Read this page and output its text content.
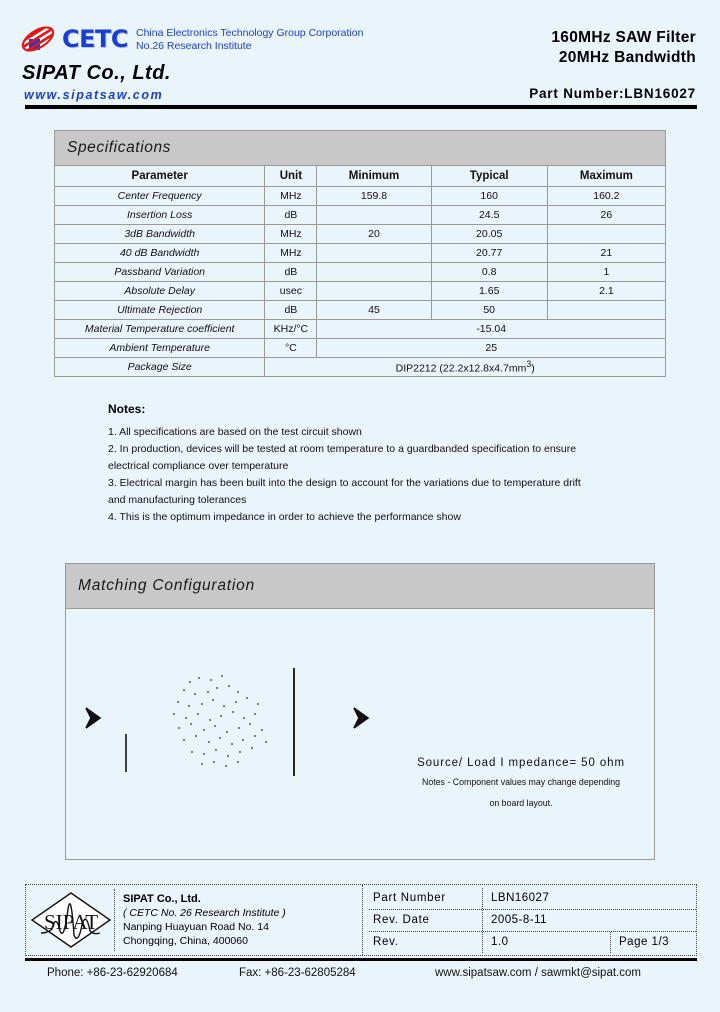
CETC China Electronics Technology Group Corporation
No.26 Research Institute
SIPAT Co., Ltd.
www.sipatsaw.com
160MHz SAW Filter
20MHz Bandwidth
Part Number:LBN16027
Specifications
Parameter	Unit	Minimum	Typical	Maximum
Center Frequency	MHz	159.8	160	160.2
Insertion Loss	dB		24.5	26
3dB Bandwidth	MHz	20	20.05	
40 dB Bandwidth	MHz		20.77	21
Passband Variation	dB		0.8	1
Absolute Delay	usec		1.65	2.1
Ultimate Rejection	dB	45	50	
Material Temperature coefficient	KHz/°C	-15.04		
Ambient Temperature	°C	25		
Package Size	DIP2212 $(22.2x12.8x4.7mm^3)$			
Notes:
1. All specifications are based on the test circuit shown
2. In production, devices will be tested at room temperature to a guardbanded specification to ensure
electrical compliance over temperature
3. Electrical margin has been built into the design to account for the variations due to temperature drift
and manufacturing tolerances
4. This is the optimum impedance in order to achieve the performance show
Matching Configuration
Source/ Load I mpedance= 50 ohm
Notes - Component values may change depending
on board layout.
SIPAT
SIPAT Co., Ltd.
( CETC No. 26 Research Institute )
Nanping Huayuan Road No. 14
Chongqing, China, 400060
Part Number	LBN16027
Rev. Date	2005-8-11
Rev.	1.0	Page 1/3
Phone: +86-23-62920684	Fax: +86-23-62805284	www.sipatsaw.com / sawmkt@sipat.com
